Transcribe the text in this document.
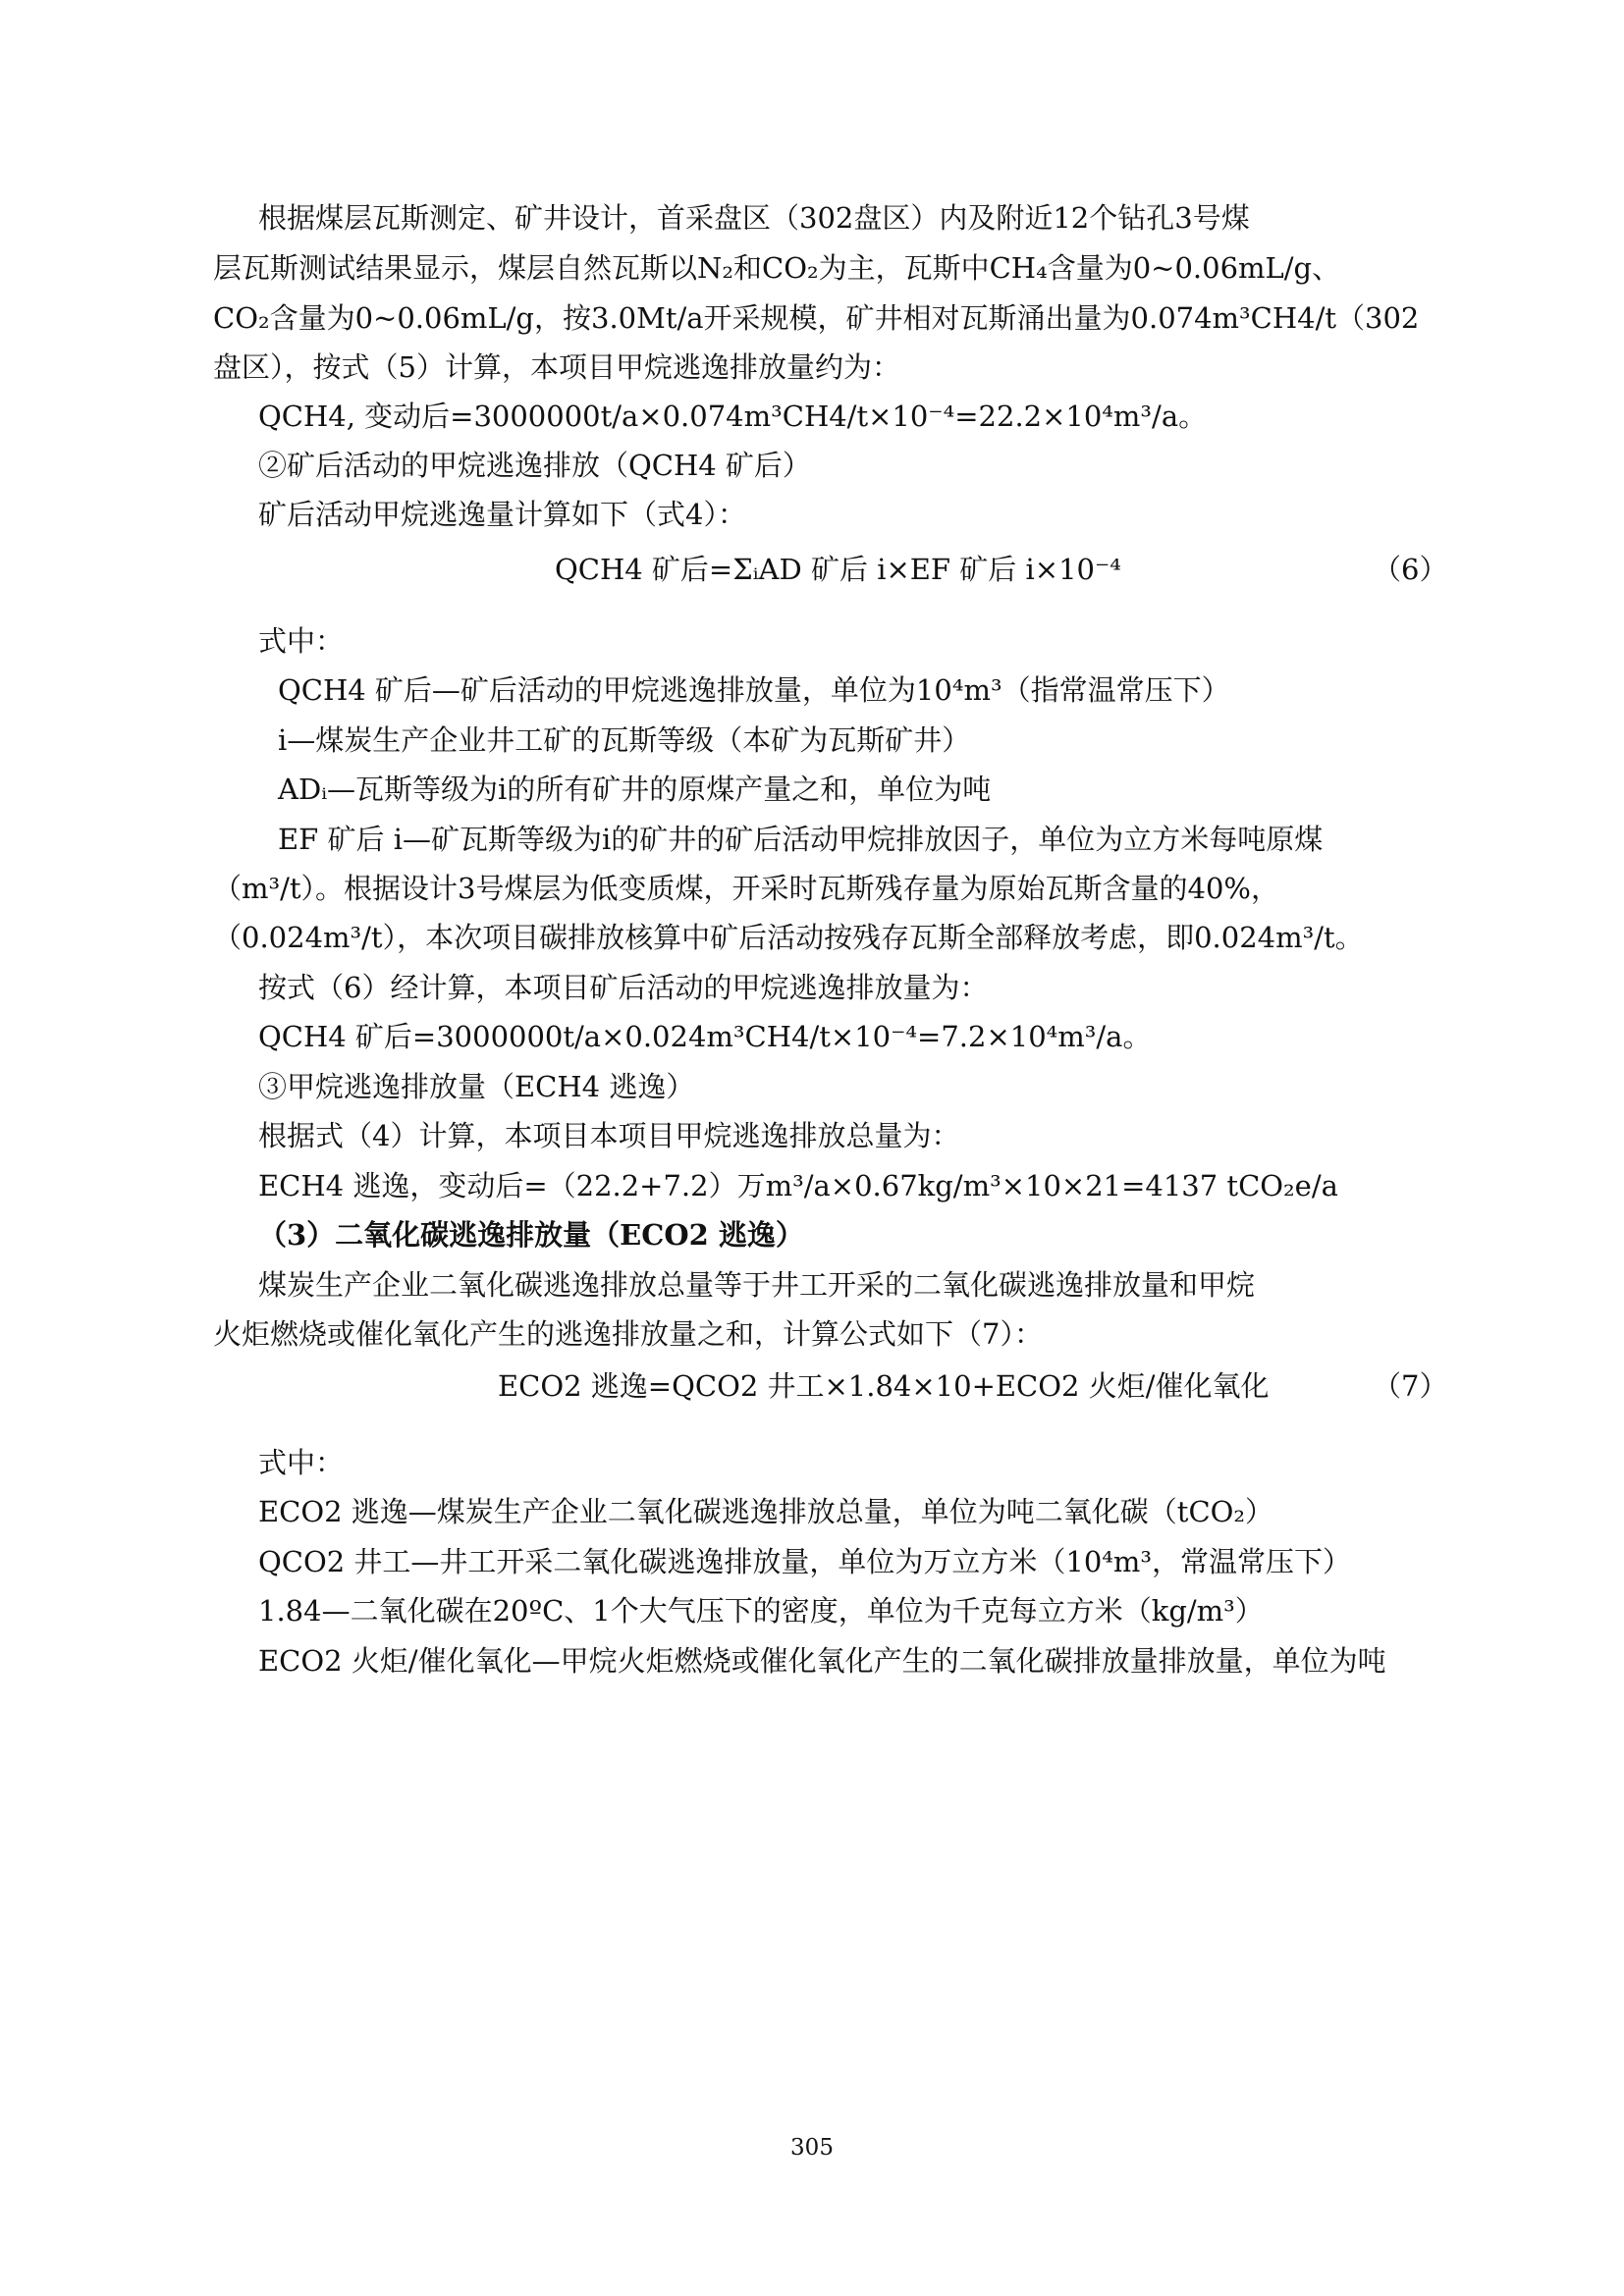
根据煤层瓦斯测定、矿井设计，首采盘区（302盘区）内及附近12个钻孔3号煤

层瓦斯测试结果显示，煤层自然瓦斯以N₂和CO₂为主，瓦斯中CH₄含量为0~0.06mL/g、

CO₂含量为0~0.06mL/g，按3.0Mt/a开采规模，矿井相对瓦斯涌出量为0.074m³CH4/t（302

盘区），按式（5）计算，本项目甲烷逃逸排放量约为：

QCH4, 变动后=3000000t/a×0.074m³CH4/t×10⁻⁴=22.2×10⁴m³/a。

②矿后活动的甲烷逃逸排放（QCH4 矿后）

矿后活动甲烷逃逸量计算如下（式4）：

QCH4 矿后=ΣᵢAD 矿后 i×EF 矿后 i×10⁻⁴	（6）

式中：

QCH4 矿后—矿后活动的甲烷逃逸排放量，单位为10⁴m³（指常温常压下）

i—煤炭生产企业井工矿的瓦斯等级（本矿为瓦斯矿井）

ADᵢ—瓦斯等级为i的所有矿井的原煤产量之和，单位为吨

EF 矿后 i—矿瓦斯等级为i的矿井的矿后活动甲烷排放因子，单位为立方米每吨原煤

（m³/t）。根据设计3号煤层为低变质煤，开采时瓦斯残存量为原始瓦斯含量的40%，

（0.024m³/t），本次项目碳排放核算中矿后活动按残存瓦斯全部释放考虑，即0.024m³/t。

按式（6）经计算，本项目矿后活动的甲烷逃逸排放量为：

QCH4 矿后=3000000t/a×0.024m³CH4/t×10⁻⁴=7.2×10⁴m³/a。

③甲烷逃逸排放量（ECH4 逃逸）

根据式（4）计算，本项目本项目甲烷逃逸排放总量为：

ECH4 逃逸，变动后=（22.2+7.2）万m³/a×0.67kg/m³×10×21=4137 tCO₂e/a

（3）二氧化碳逃逸排放量（ECO2 逃逸）

煤炭生产企业二氧化碳逃逸排放总量等于井工开采的二氧化碳逃逸排放量和甲烷

火炬燃烧或催化氧化产生的逃逸排放量之和，计算公式如下（7）：

ECO2 逃逸=QCO2 井工×1.84×10+ECO2 火炬/催化氧化	（7）

式中：

ECO2 逃逸—煤炭生产企业二氧化碳逃逸排放总量，单位为吨二氧化碳（tCO₂）

QCO2 井工—井工开采二氧化碳逃逸排放量，单位为万立方米（10⁴m³，常温常压下）

1.84—二氧化碳在20ºC、1个大气压下的密度，单位为千克每立方米（kg/m³）

ECO2 火炬/催化氧化—甲烷火炬燃烧或催化氧化产生的二氧化碳排放量排放量，单位为吨

305
